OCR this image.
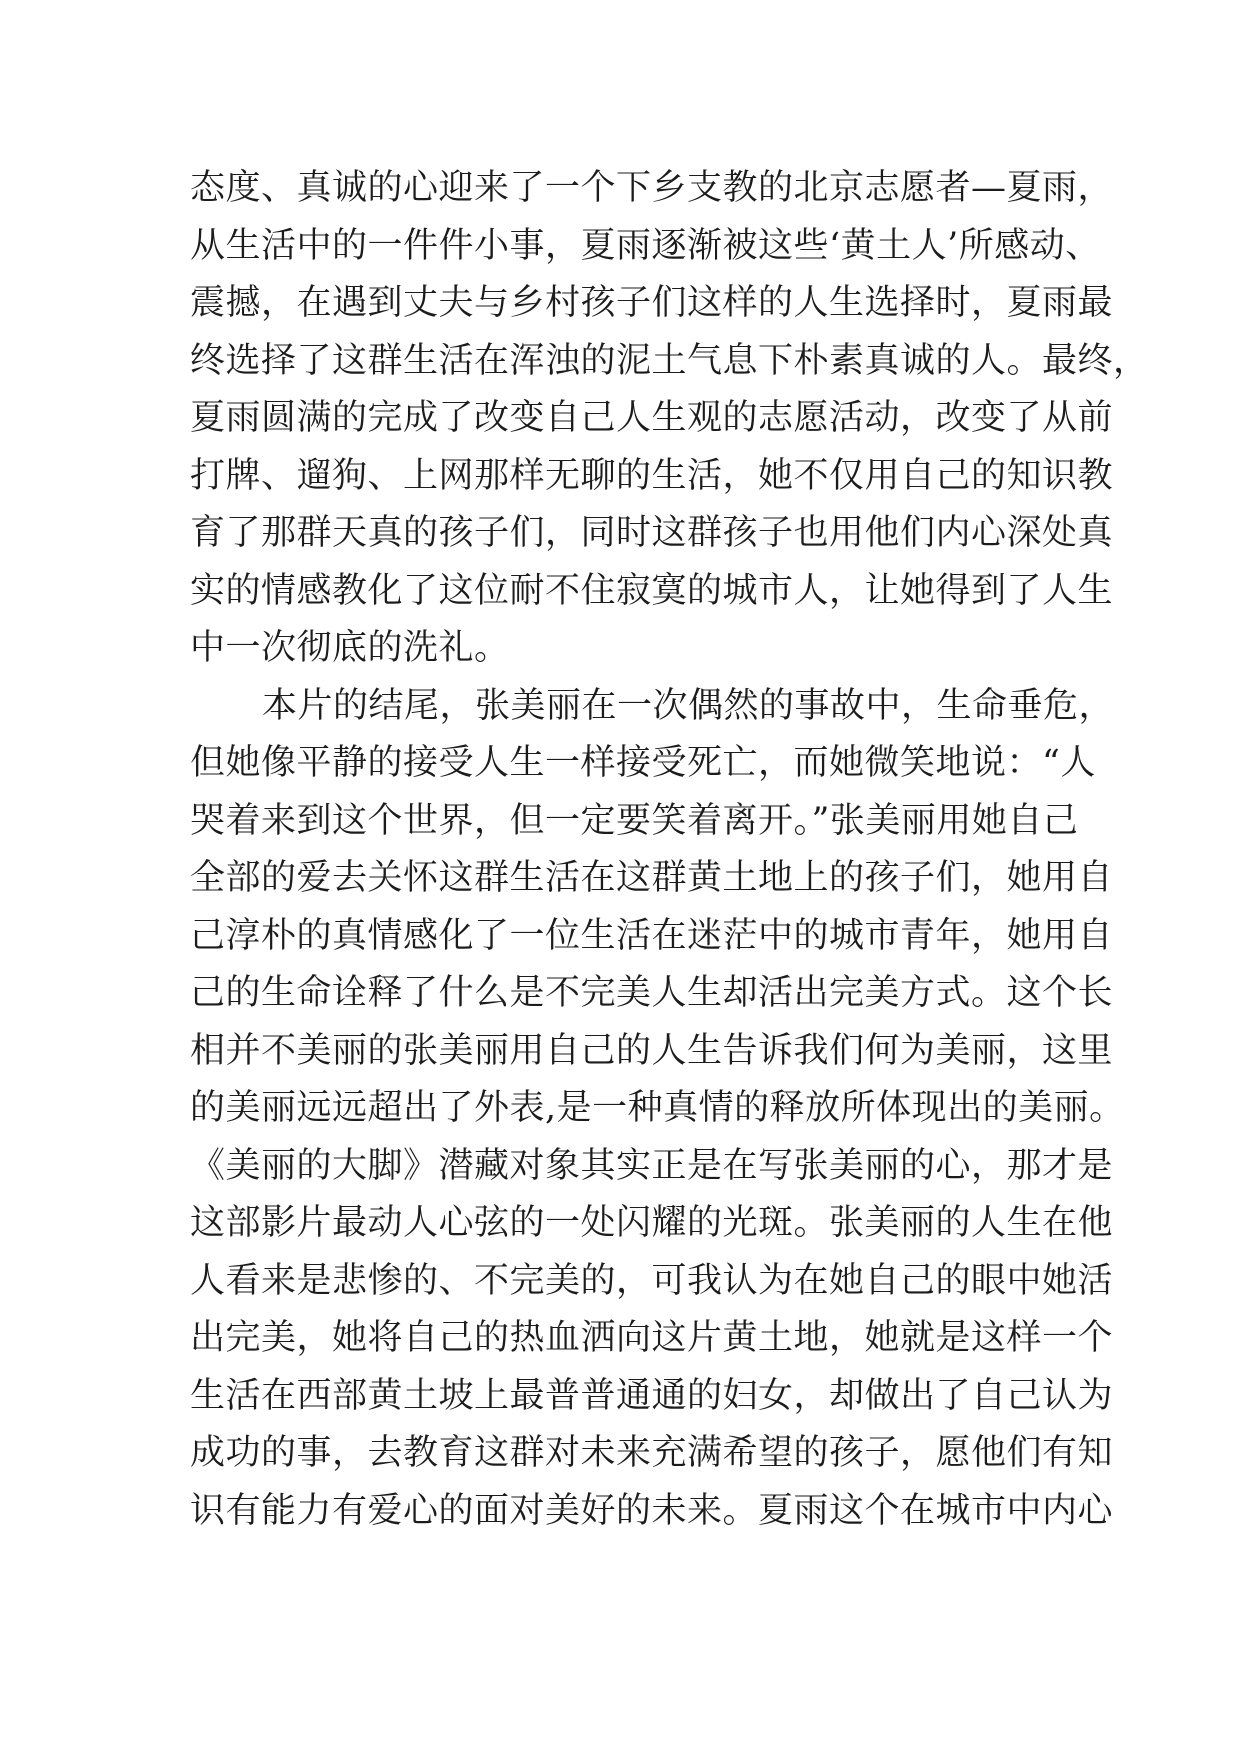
态度、真诚的心迎来了一个下乡支教的北京志愿者—夏雨，
从生活中的一件件小事，夏雨逐渐被这些‘黄土人’所感动、
震撼，在遇到丈夫与乡村孩子们这样的人生选择时，夏雨最
终选择了这群生活在浑浊的泥土气息下朴素真诚的人。最终，
夏雨圆满的完成了改变自己人生观的志愿活动，改变了从前
打牌、遛狗、上网那样无聊的生活，她不仅用自己的知识教
育了那群天真的孩子们，同时这群孩子也用他们内心深处真
实的情感教化了这位耐不住寂寞的城市人，让她得到了人生
中一次彻底的洗礼。
本片的结尾，张美丽在一次偶然的事故中，生命垂危，
但她像平静的接受人生一样接受死亡，而她微笑地说：“人
哭着来到这个世界，但一定要笑着离开。”张美丽用她自己
全部的爱去关怀这群生活在这群黄土地上的孩子们，她用自
己淳朴的真情感化了一位生活在迷茫中的城市青年，她用自
己的生命诠释了什么是不完美人生却活出完美方式。这个长
相并不美丽的张美丽用自己的人生告诉我们何为美丽，这里
的美丽远远超出了外表,是一种真情的释放所体现出的美丽。
《美丽的大脚》潜藏对象其实正是在写张美丽的心，那才是
这部影片最动人心弦的一处闪耀的光斑。张美丽的人生在他
人看来是悲惨的、不完美的，可我认为在她自己的眼中她活
出完美，她将自己的热血洒向这片黄土地，她就是这样一个
生活在西部黄土坡上最普普通通的妇女，却做出了自己认为
成功的事，去教育这群对未来充满希望的孩子，愿他们有知
识有能力有爱心的面对美好的未来。夏雨这个在城市中内心
